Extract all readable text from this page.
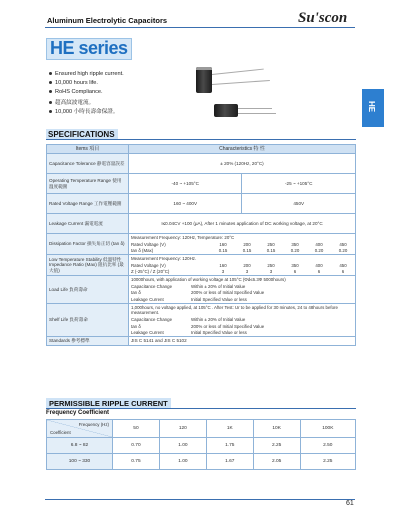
Aluminum Electrolytic Capacitors	Su'scon
HE series
Ensured high ripple current.
10,000 hours life.
RoHS Compliance.
超高紋波電流。
10,000 小時長壽命保證。	HE
SPECIFICATIONS
Items 項目	Characteristics 特 性
Capacitance Tolerance 静電容量誤差	± 20% (120Hz, 20°C)
Operating Temperature Range 使用溫度範圍	-40 ~ +105°C	-25 ~ +105°C
Rated Voltage Range 工作電壓範圍	160 ~ 400V	450V
Leakage Current 漏電電流	I≤0.04CV +100 (μA), After 1 minutes application of DC working voltage, at 20°C
Dissipation Factor 損失角正切 (tan δ)	
Measurement Frequency: 120Hz, Temperature: 20°C
Rated Voltage (V)	160	200	250	350	400	450
tan δ (Max)	0.15	0.15	0.15	0.20	0.20	0.20

Low Temperature Stability 低溫特性 Impedance Ratio (Max) 阻抗比率 (最大值)	
Measurement Frequency: 120Hz.
Rated Voltage (V)	160	200	250	350	400	450
Z (-25°C) / Z (20°C)	3	3	3	6	6	6

Load Life 負荷壽命	
10000hours, with application of working voltage at 105°C (Φd≤6.3Φ 5000hours)
Capacitance Change	Within ± 20% of Initial Value
tan δ	200% or less of Initial Specified Value
Leakage Current	Initial Specified Value or less

Shelf Life 負荷壽命	
1,000hours, no voltage applied, at 105°C . After Test: Ur to be applied for 30 minutes, 24 to 48hours before measurement.
Capacitance Change	Within ± 20% of Initial Value
tan δ	200% or less of Initial Specified Value
Leakage Current	Initial Specified Value or less

Standards 參考標準	JIS C 5141 and JIS C 5102
PERMISSIBLE RIPPLE CURRENT
Frequency Coefficient
Frequency (Hz)
Coefficient	50	120	1K	10K	100K
6.8 ~ 82	0.70	1.00	1.75	2.25	2.50
100 ~ 330	0.75	1.00	1.67	2.05	2.25
61
